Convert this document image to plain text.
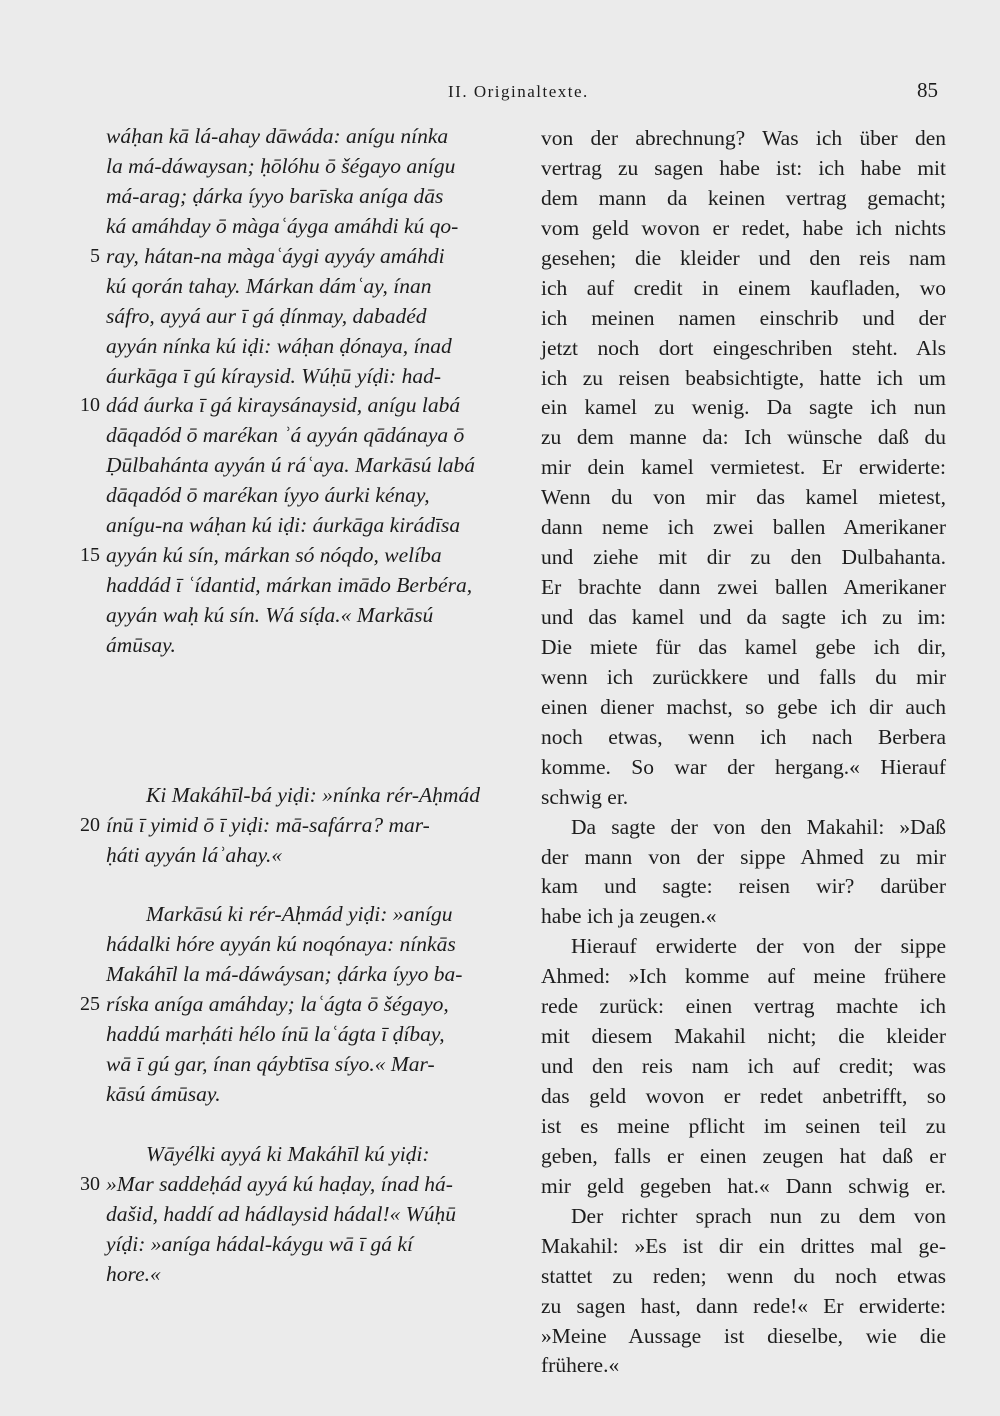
II. Originaltexte.	85
wáḥan kā lá-ahay dāwáda: anígu nínka
la má-dáwaysan; ḥōlóhu ō šégayo anígu
má-arag; ḍárka íyyo barīska aníga dās
ká amáhday ō màgaʿáyga amáhdi kú qo-
5 ray, hátan-na màgaʿáygi ayyáy amáhdi
kú qorán tahay. Márkan dámʿay, ínan
sáfro, ayyá aur ī gá ḍínmay, dabadéd
ayyán nínka kú iḍi: wáḥan ḍónaya, ínad
áurkāga ī gú kíraysid. Wúḥū yíḍi: had-
10 dád áurka ī gá kiraysánaysid, anígu labá
dāqadód ō marékan ʾá ayyán qādánaya ō
Ḍūlbahánta ayyán ú ráʿaya. Markāsú labá
dāqadód ō marékan íyyo áurki kénay,
anígu-na wáḥan kú iḍi: áurkāga kirádīsa
15 ayyán kú sín, márkan só nóqdo, welíba
haddád ī ʿídantid, márkan imādo Berbéra,
ayyán waḥ kú sín. Wá síḍa.« Markāsú
ámūsay.
Ki Makáhīl-bá yiḍi: »nínka rér-Aḥmád
20 ínū ī yimid ō ī yiḍi: mā-safárra? mar-
ḥáti ayyán láʾahay.«
Markāsú ki rér-Aḥmád yiḍi: »anígu
hádalki hóre ayyán kú noqónaya: nínkās
Makáhīl la má-dáwáysan; ḍárka íyyo ba-
25 ríska aníga amáhday; laʿágta ō šégayo,
haddú marḥáti hélo ínū laʿágta ī ḍíbay,
wā ī gú gar, ínan qáybtīsa síyo.« Mar-
kāsú ámūsay.
Wāyélki ayyá ki Makáhīl kú yiḍi:
30 »Mar saddeḥád ayyá kú haḍay, ínad há-
dašid, haddí ad hádlaysid hádal!« Wúḥū
yíḍi: »aníga hádal-káygu wā ī gá kí
hore.«
von der abrechnung? Was ich über den
vertrag zu sagen habe ist: ich habe mit
dem mann da keinen vertrag gemacht;
vom geld wovon er redet, habe ich nichts
gesehen; die kleider und den reis nam
ich auf credit in einem kaufladen, wo
ich meinen namen einschrib und der
jetzt noch dort eingeschriben steht. Als
ich zu reisen beabsichtigte, hatte ich um
ein kamel zu wenig. Da sagte ich nun
zu dem manne da: Ich wünsche daß du
mir dein kamel vermietest. Er erwiderte:
Wenn du von mir das kamel mietest,
dann neme ich zwei ballen Amerikaner
und ziehe mit dir zu den Dulbahanta.
Er brachte dann zwei ballen Amerikaner
und das kamel und da sagte ich zu im:
Die miete für das kamel gebe ich dir,
wenn ich zurückkere und falls du mir
einen diener machst, so gebe ich dir auch
noch etwas, wenn ich nach Berbera
komme. So war der hergang.« Hierauf
schwig er.
Da sagte der von den Makahil: »Daß
der mann von der sippe Ahmed zu mir
kam und sagte: reisen wir? darüber
habe ich ja zeugen.«
Hierauf erwiderte der von der sippe
Ahmed: »Ich komme auf meine frühere
rede zurück: einen vertrag machte ich
mit diesem Makahil nicht; die kleider
und den reis nam ich auf credit; was
das geld wovon er redet anbetrifft, so
ist es meine pflicht im seinen teil zu
geben, falls er einen zeugen hat daß er
mir geld gegeben hat.« Dann schwig er.
Der richter sprach nun zu dem von
Makahil: »Es ist dir ein drittes mal ge-
stattet zu reden; wenn du noch etwas
zu sagen hast, dann rede!« Er erwiderte:
»Meine Aussage ist dieselbe, wie die
frühere.«
